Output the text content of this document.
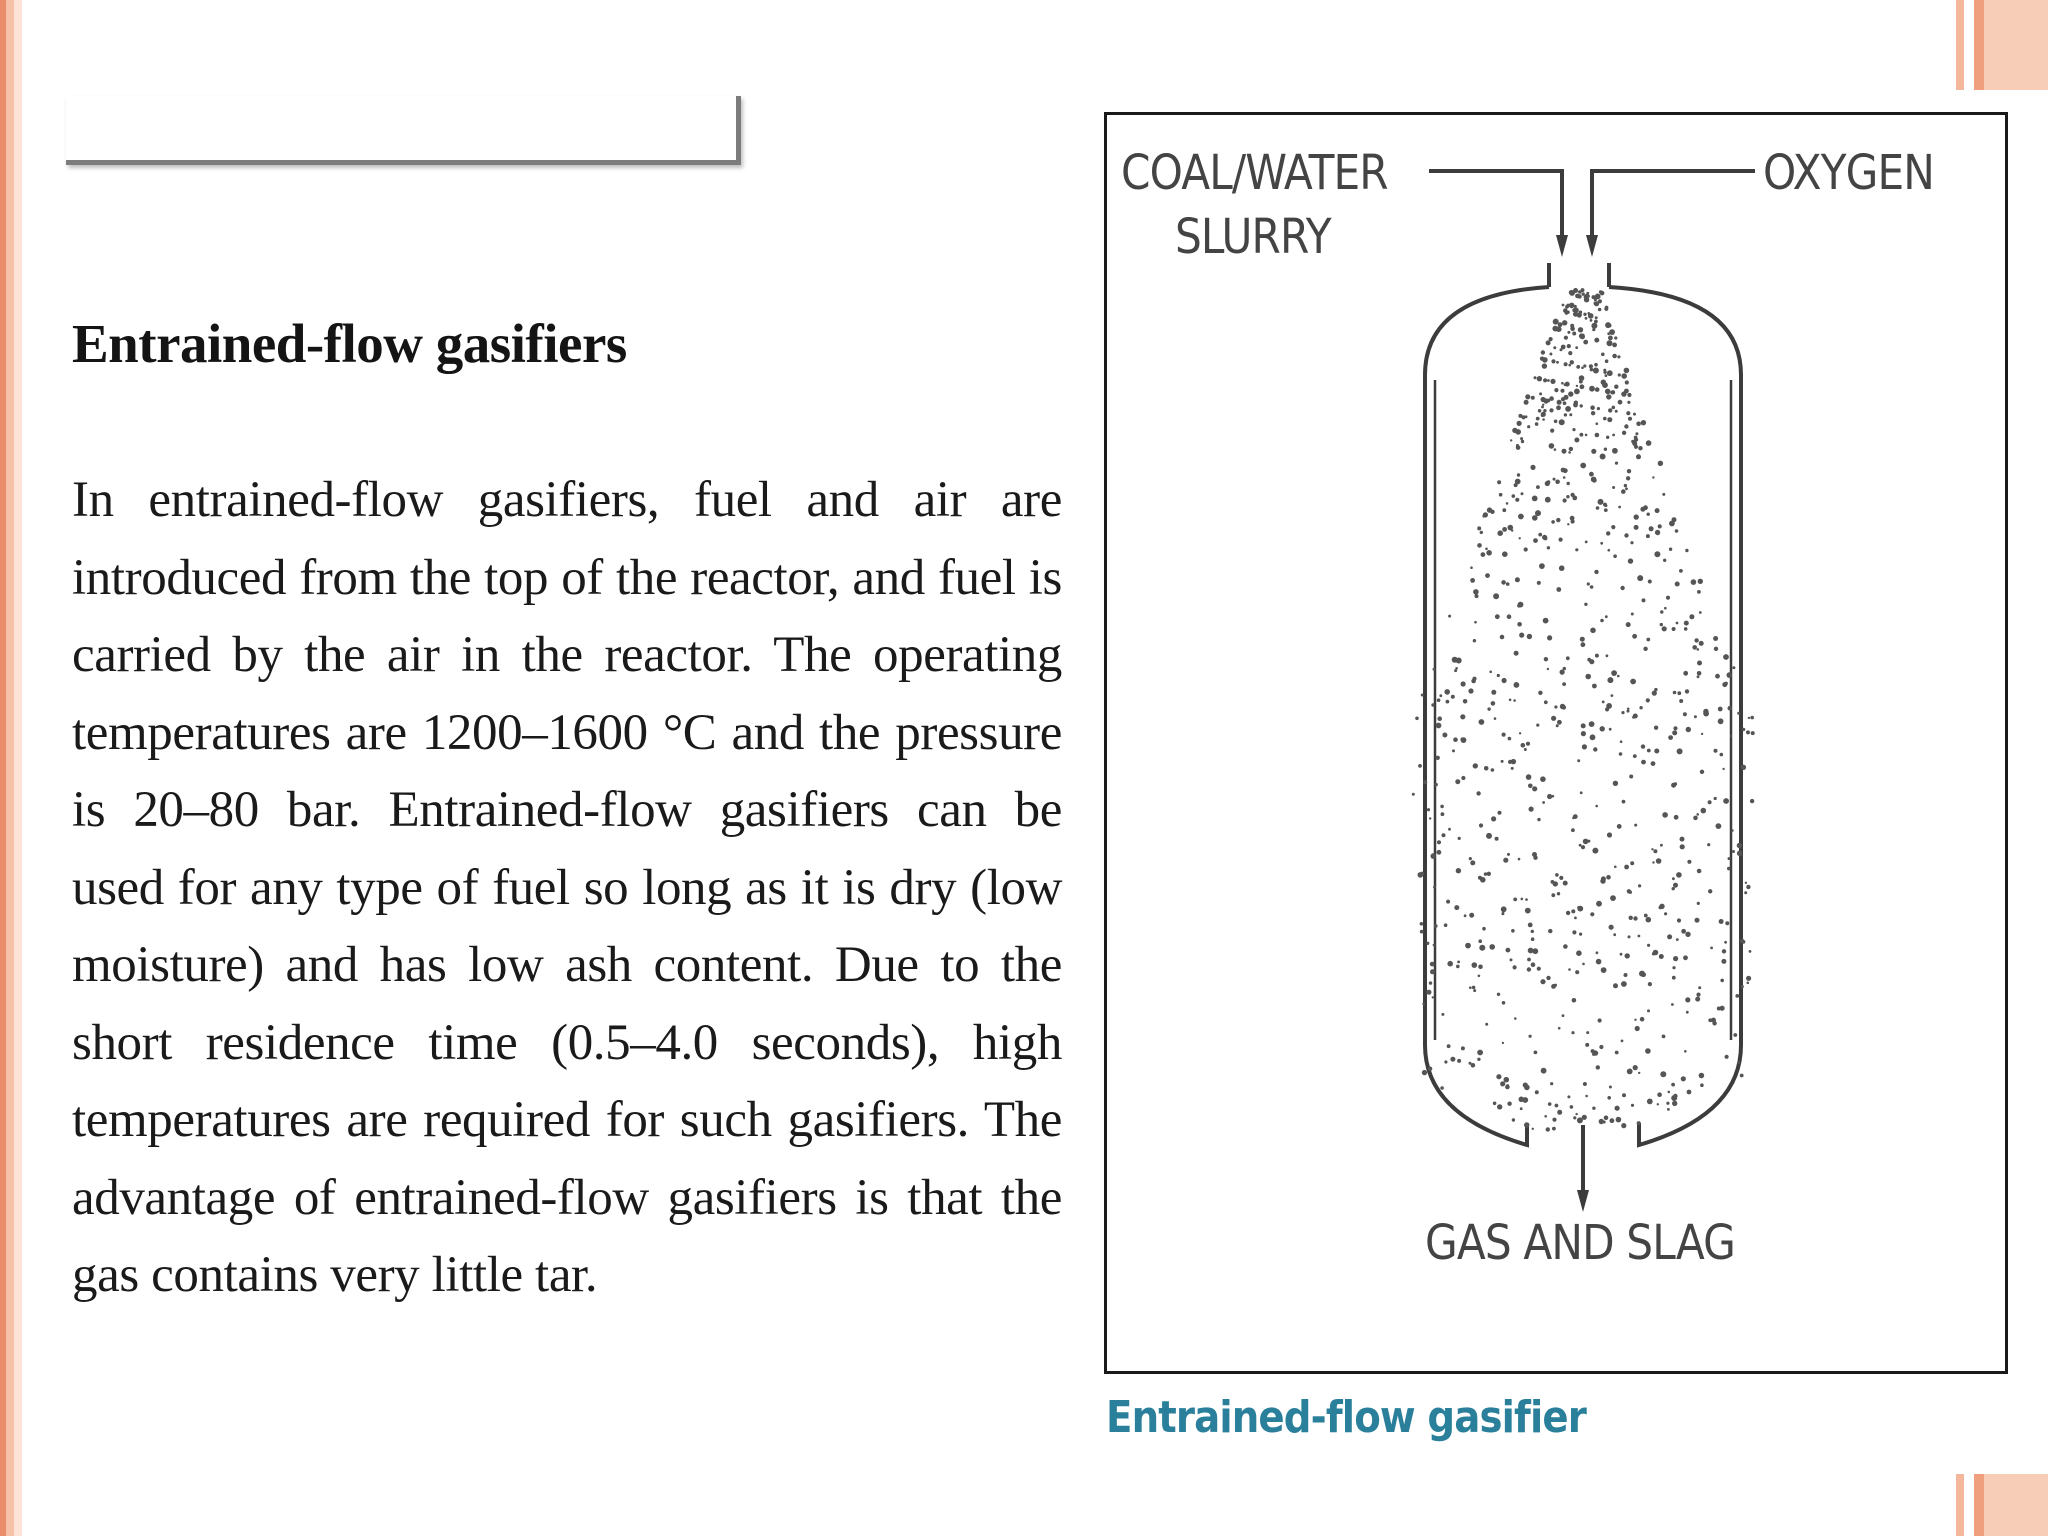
Entrained-flow gasifiers

In entrained-flow gasifiers, fuel and air are introduced from the top of the reactor, and fuel is carried by the air in the reactor. The operating temperatures are 1200–1600 °C and the pressure is 20–80 bar. Entrained-flow gasifiers can be used for any type of fuel so long as it is dry (low moisture) and has low ash content. Due to the short residence time (0.5–4.0 seconds), high temperatures are required for such gasifiers. The advantage of entrained-flow gasifiers is that the gas contains very little tar.

COAL/WATER
SLURRY
OXYGEN
GAS AND SLAG

Entrained-flow gasifier
